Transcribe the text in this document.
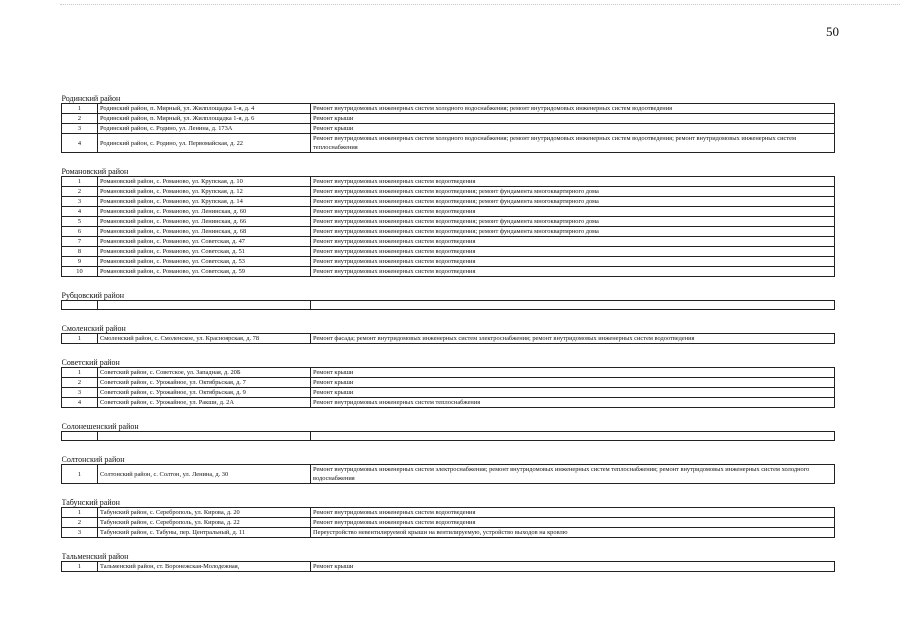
50
Родинский район		
1	Родинский район, п. Мирный, ул. Жилплощадка 1-я, д. 4	Ремонт внутридомовых инженерных систем холодного водоснабжения; ремонт внутридомовых инженерных систем водоотведения
2	Родинский район, п. Мирный, ул. Жилплощадка 1-я, д. 6	Ремонт крыши
3	Родинский район, с. Родино, ул. Ленина, д. 173А	Ремонт крыши
4	Родинский район, с. Родино, ул. Первомайская, д. 22	Ремонт внутридомовых инженерных систем холодного водоснабжения; ремонт внутридомовых инженерных систем водоотведения; ремонт внутридомовых инженерных систем теплоснабжения

Романовский район		
1	Романовский район, с. Романово, ул. Крупская, д. 10	Ремонт внутридомовых инженерных систем водоотведения
2	Романовский район, с. Романово, ул. Крупская, д. 12	Ремонт внутридомовых инженерных систем водоотведения; ремонт фундамента многоквартирного дома
3	Романовский район, с. Романово, ул. Крупская, д. 14	Ремонт внутридомовых инженерных систем водоотведения; ремонт фундамента многоквартирного дома
4	Романовский район, с. Романово, ул. Ленинская, д. 60	Ремонт внутридомовых инженерных систем водоотведения
5	Романовский район, с. Романово, ул. Ленинская, д. 66	Ремонт внутридомовых инженерных систем водоотведения; ремонт фундамента многоквартирного дома
6	Романовский район, с. Романово, ул. Ленинская, д. 68	Ремонт внутридомовых инженерных систем водоотведения; ремонт фундамента многоквартирного дома
7	Романовский район, с. Романово, ул. Советская, д. 47	Ремонт внутридомовых инженерных систем водоотведения
8	Романовский район, с. Романово, ул. Советская, д. 51	Ремонт внутридомовых инженерных систем водоотведения
9	Романовский район, с. Романово, ул. Советская, д. 53	Ремонт внутридомовых инженерных систем водоотведения
10	Романовский район, с. Романово, ул. Советская, д. 59	Ремонт внутридомовых инженерных систем водоотведения

Рубцовский район		

Смоленский район		
1	Смоленский район, с. Смоленское, ул. Красноярская, д. 78	Ремонт фасада; ремонт внутридомовых инженерных систем электроснабжения; ремонт внутридомовых инженерных систем водоотведения

Советский район		
1	Советский район, с. Советское, ул. Западная, д. 20Б	Ремонт крыши
2	Советский район, с. Урожайное, ул. Октябрьская, д. 7	Ремонт крыши
3	Советский район, с. Урожайное, ул. Октябрьская, д. 9	Ремонт крыши
4	Советский район, с. Урожайное, ул. Ракши, д. 2А	Ремонт внутридомовых инженерных систем теплоснабжения

Солонешенский район		

Солтонский район		
1	Солтонский район, с. Солтон, ул. Ленина, д. 30	Ремонт внутридомовых инженерных систем электроснабжения; ремонт внутридомовых инженерных систем теплоснабжения; ремонт внутридомовых инженерных систем холодного водоснабжения

Табунский район		
1	Табунский район, с. Сереброполь, ул. Кирова, д. 20	Ремонт внутридомовых инженерных систем водоотведения
2	Табунский район, с. Сереброполь, ул. Кирова, д. 22	Ремонт внутридомовых инженерных систем водоотведения
3	Табунский район, с. Табуны, пер. Центральный, д. 11	Переустройство невентилируемой крыши на вентилируемую, устройство выходов на кровлю

Тальменский район		
1	Тальменский район, ст. Воронежская-Молодежная,	Ремонт крыши
